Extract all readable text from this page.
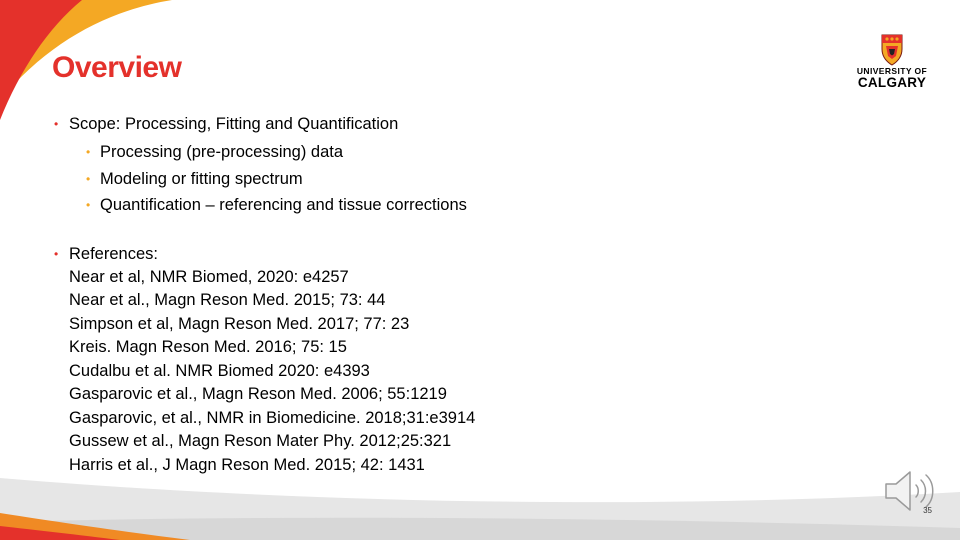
Overview	UNIVERSITY OF
CALGARY
• Scope: Processing, Fitting and Quantification
• Processing (pre-processing) data
• Modeling or fitting spectrum
• Quantification – referencing and tissue corrections
• References:
Near et al, NMR Biomed, 2020: e4257
Near et al., Magn Reson Med. 2015; 73: 44
Simpson et al, Magn Reson Med. 2017; 77: 23
Kreis. Magn Reson Med. 2016; 75: 15
Cudalbu et al. NMR Biomed 2020: e4393
Gasparovic et al., Magn Reson Med. 2006; 55:1219
Gasparovic, et al., NMR in Biomedicine. 2018;31:e3914
Gussew et al., Magn Reson Mater Phy. 2012;25:321
Harris et al., J Magn Reson Med. 2015; 42: 1431
35
